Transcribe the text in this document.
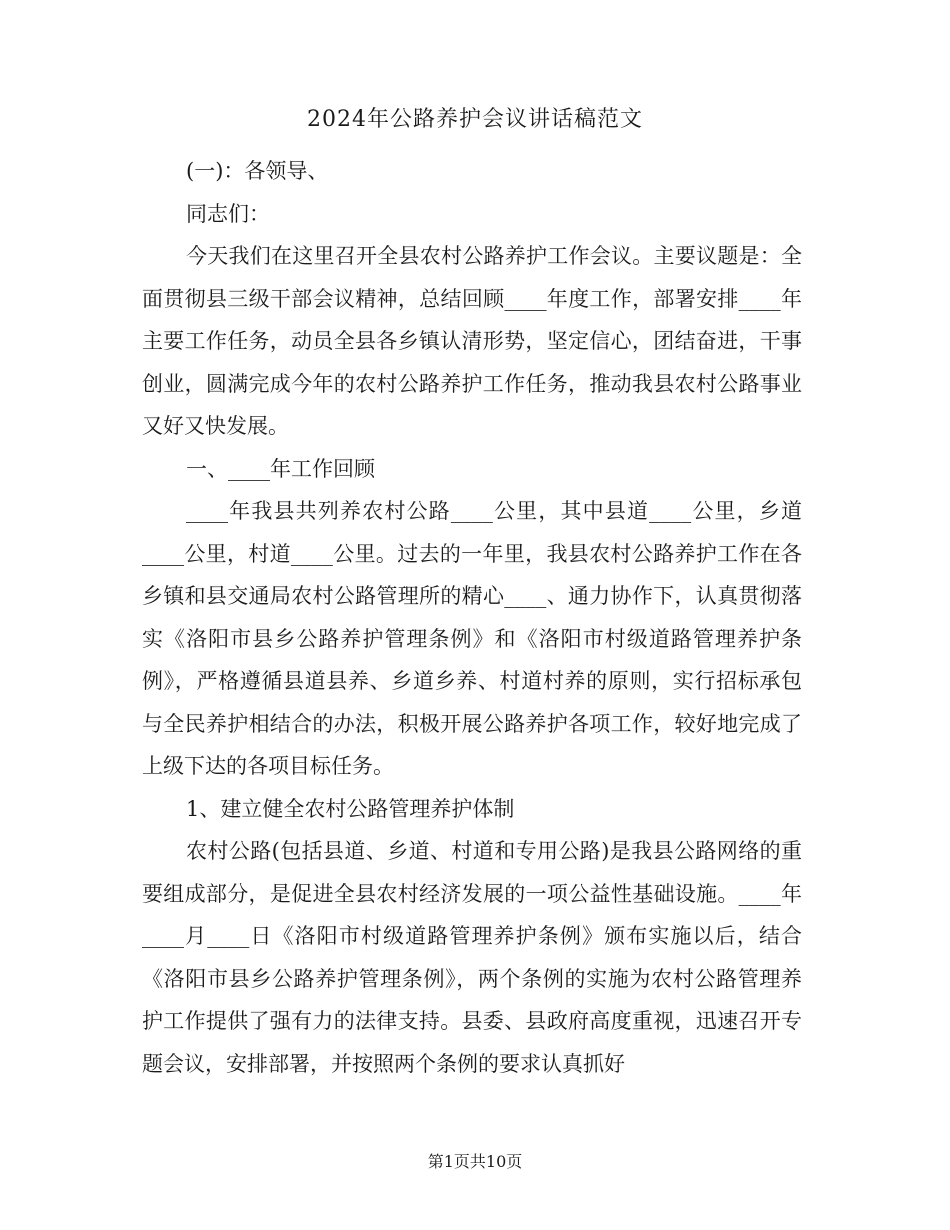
2024年公路养护会议讲话稿范文

(一)：各领导、

同志们：

今天我们在这里召开全县农村公路养护工作会议。主要议题是：全面贯彻县三级干部会议精神，总结回顾____年度工作，部署安排____年主要工作任务，动员全县各乡镇认清形势，坚定信心，团结奋进，干事创业，圆满完成今年的农村公路养护工作任务，推动我县农村公路事业又好又快发展。

一、____年工作回顾

____年我县共列养农村公路____公里，其中县道____公里，乡道____公里，村道____公里。过去的一年里，我县农村公路养护工作在各乡镇和县交通局农村公路管理所的精心____、通力协作下，认真贯彻落实《洛阳市县乡公路养护管理条例》和《洛阳市村级道路管理养护条例》，严格遵循县道县养、乡道乡养、村道村养的原则，实行招标承包与全民养护相结合的办法，积极开展公路养护各项工作，较好地完成了上级下达的各项目标任务。

1、建立健全农村公路管理养护体制

农村公路(包括县道、乡道、村道和专用公路)是我县公路网络的重要组成部分，是促进全县农村经济发展的一项公益性基础设施。____年____月____日《洛阳市村级道路管理养护条例》颁布实施以后，结合《洛阳市县乡公路养护管理条例》，两个条例的实施为农村公路管理养护工作提供了强有力的法律支持。县委、县政府高度重视，迅速召开专题会议，安排部署，并按照两个条例的要求认真抓好

第1页共10页
